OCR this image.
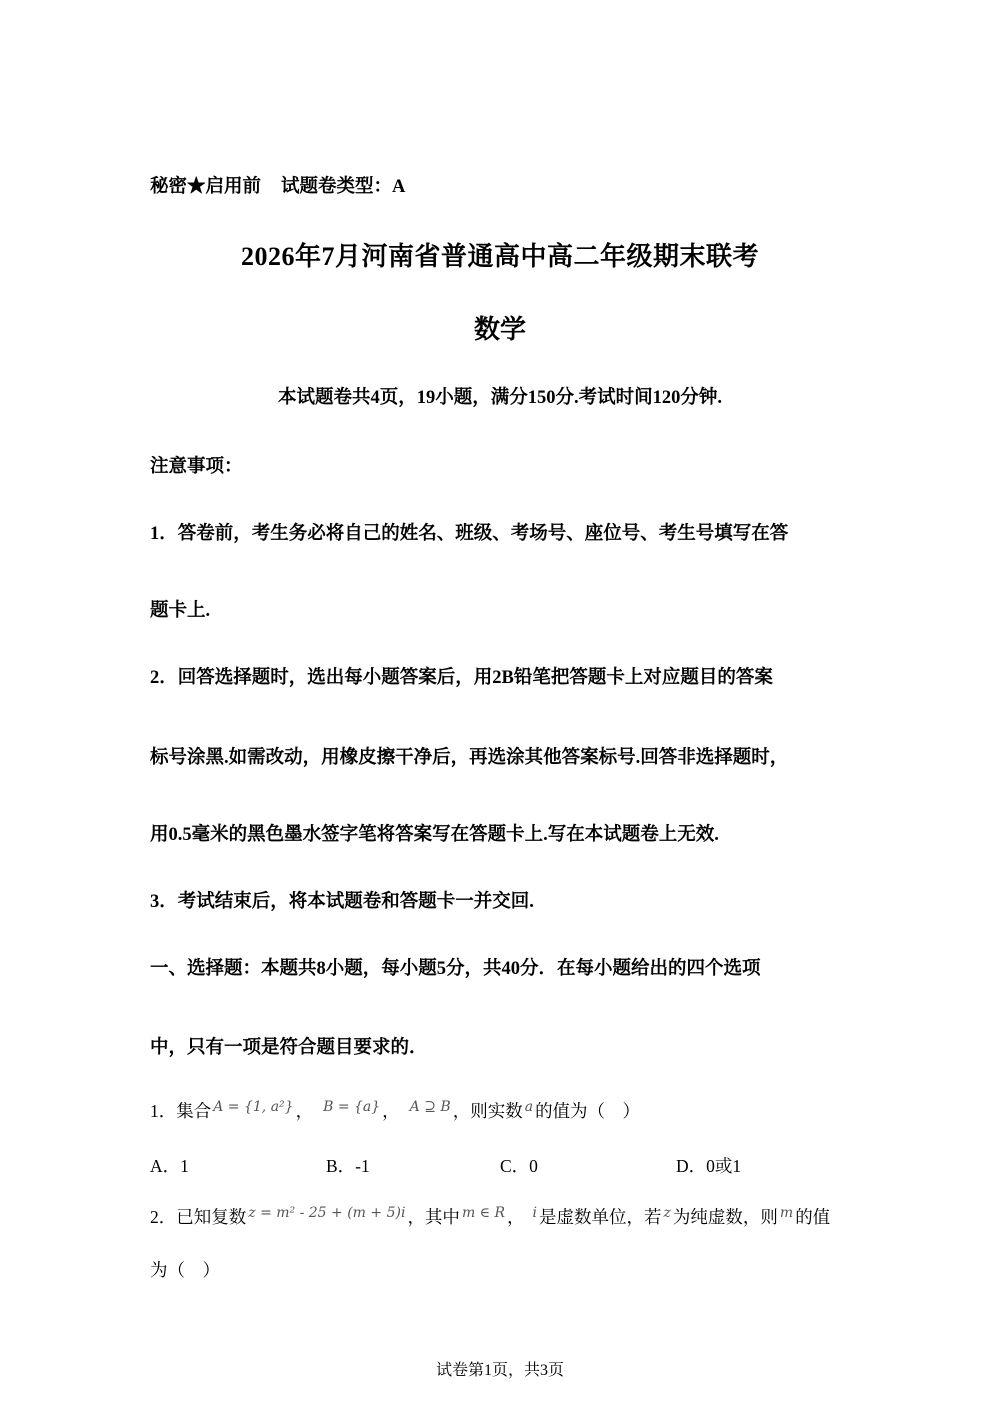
秘密★启用前 试题卷类型：A
2026年7月河南省普通高中高二年级期末联考
数学
本试题卷共4页，19小题，满分150分.考试时间120分钟.
注意事项：
1．答卷前，考生务必将自己的姓名、班级、考场号、座位号、考生号填写在答
题卡上.
2．回答选择题时，选出每小题答案后，用2B铅笔把答题卡上对应题目的答案
标号涂黑.如需改动，用橡皮擦干净后，再选涂其他答案标号.回答非选择题时，
用0.5毫米的黑色墨水签字笔将答案写在答题卡上.写在本试题卷上无效.
3．考试结束后，将本试题卷和答题卡一并交回.
一、选择题：本题共8小题，每小题5分，共40分．在每小题给出的四个选项
中，只有一项是符合题目要求的．
1．集合 A = {1, a²} ， B = {a} ， A ⊇ B ，则实数 a 的值为（　）
A．1	B．-1	C．0	D．0或1
2．已知复数 z = m² - 25 + (m + 5)i ，其中 m ∈ R ， i 是虚数单位，若 z 为纯虚数，则 m 的值
为（　）
试卷第1页，共3页
